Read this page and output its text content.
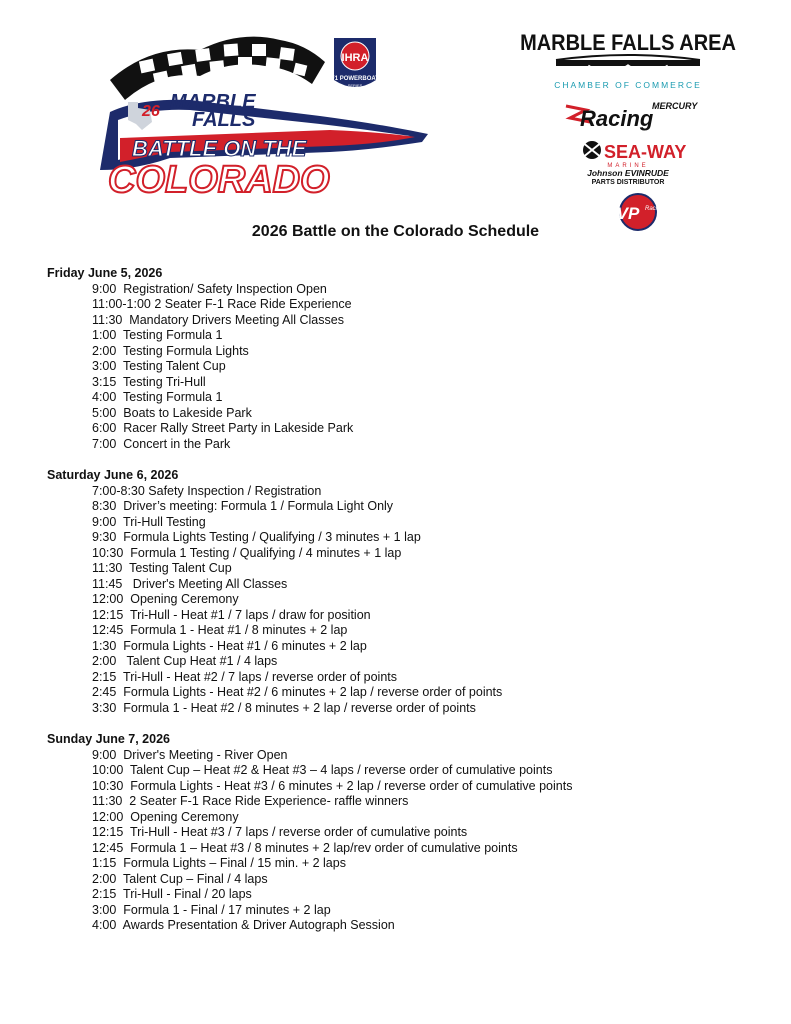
26 MARBLE
FALLS
BATTLE ON THE
COLORADO
IHRA
F1 POWERBOAT
SERIES
MARBLE FALLS AREA
CHAMBER OF COMMERCE
MERCURY
Racing
SEA-WAY
MARINE
Johnson EVINRUDE
PARTS DISTRIBUTOR
VP Racing
2026 Battle on the Colorado Schedule
Friday June 5, 2026
9:00  Registration/ Safety Inspection Open
11:00-1:00 2 Seater F-1 Race Ride Experience
11:30  Mandatory Drivers Meeting All Classes
1:00  Testing Formula 1
2:00  Testing Formula Lights
3:00  Testing Talent Cup
3:15  Testing Tri-Hull
4:00  Testing Formula 1
5:00  Boats to Lakeside Park
6:00  Racer Rally Street Party in Lakeside Park
7:00  Concert in the Park
Saturday June 6, 2026
7:00-8:30 Safety Inspection / Registration
8:30  Driver’s meeting: Formula 1 / Formula Light Only
9:00  Tri-Hull Testing
9:30  Formula Lights Testing / Qualifying / 3 minutes + 1 lap
10:30  Formula 1 Testing / Qualifying / 4 minutes + 1 lap
11:30  Testing Talent Cup
11:45   Driver's Meeting All Classes
12:00  Opening Ceremony
12:15  Tri-Hull - Heat #1 / 7 laps / draw for position
12:45  Formula 1 - Heat #1 / 8 minutes + 2 lap
1:30  Formula Lights - Heat #1 / 6 minutes + 2 lap
2:00   Talent Cup Heat #1 / 4 laps
2:15  Tri-Hull - Heat #2 / 7 laps / reverse order of points
2:45  Formula Lights - Heat #2 / 6 minutes + 2 lap / reverse order of points
3:30  Formula 1 - Heat #2 / 8 minutes + 2 lap / reverse order of points
Sunday June 7, 2026
9:00  Driver's Meeting - River Open
10:00  Talent Cup – Heat #2 & Heat #3 – 4 laps / reverse order of cumulative points
10:30  Formula Lights - Heat #3 / 6 minutes + 2 lap / reverse order of cumulative points
11:30  2 Seater F-1 Race Ride Experience- raffle winners
12:00  Opening Ceremony
12:15  Tri-Hull - Heat #3 / 7 laps / reverse order of cumulative points
12:45  Formula 1 – Heat #3 / 8 minutes + 2 lap/rev order of cumulative points
1:15  Formula Lights – Final / 15 min. + 2 laps
2:00  Talent Cup – Final / 4 laps
2:15  Tri-Hull - Final / 20 laps
3:00  Formula 1 - Final / 17 minutes + 2 lap
4:00  Awards Presentation & Driver Autograph Session
